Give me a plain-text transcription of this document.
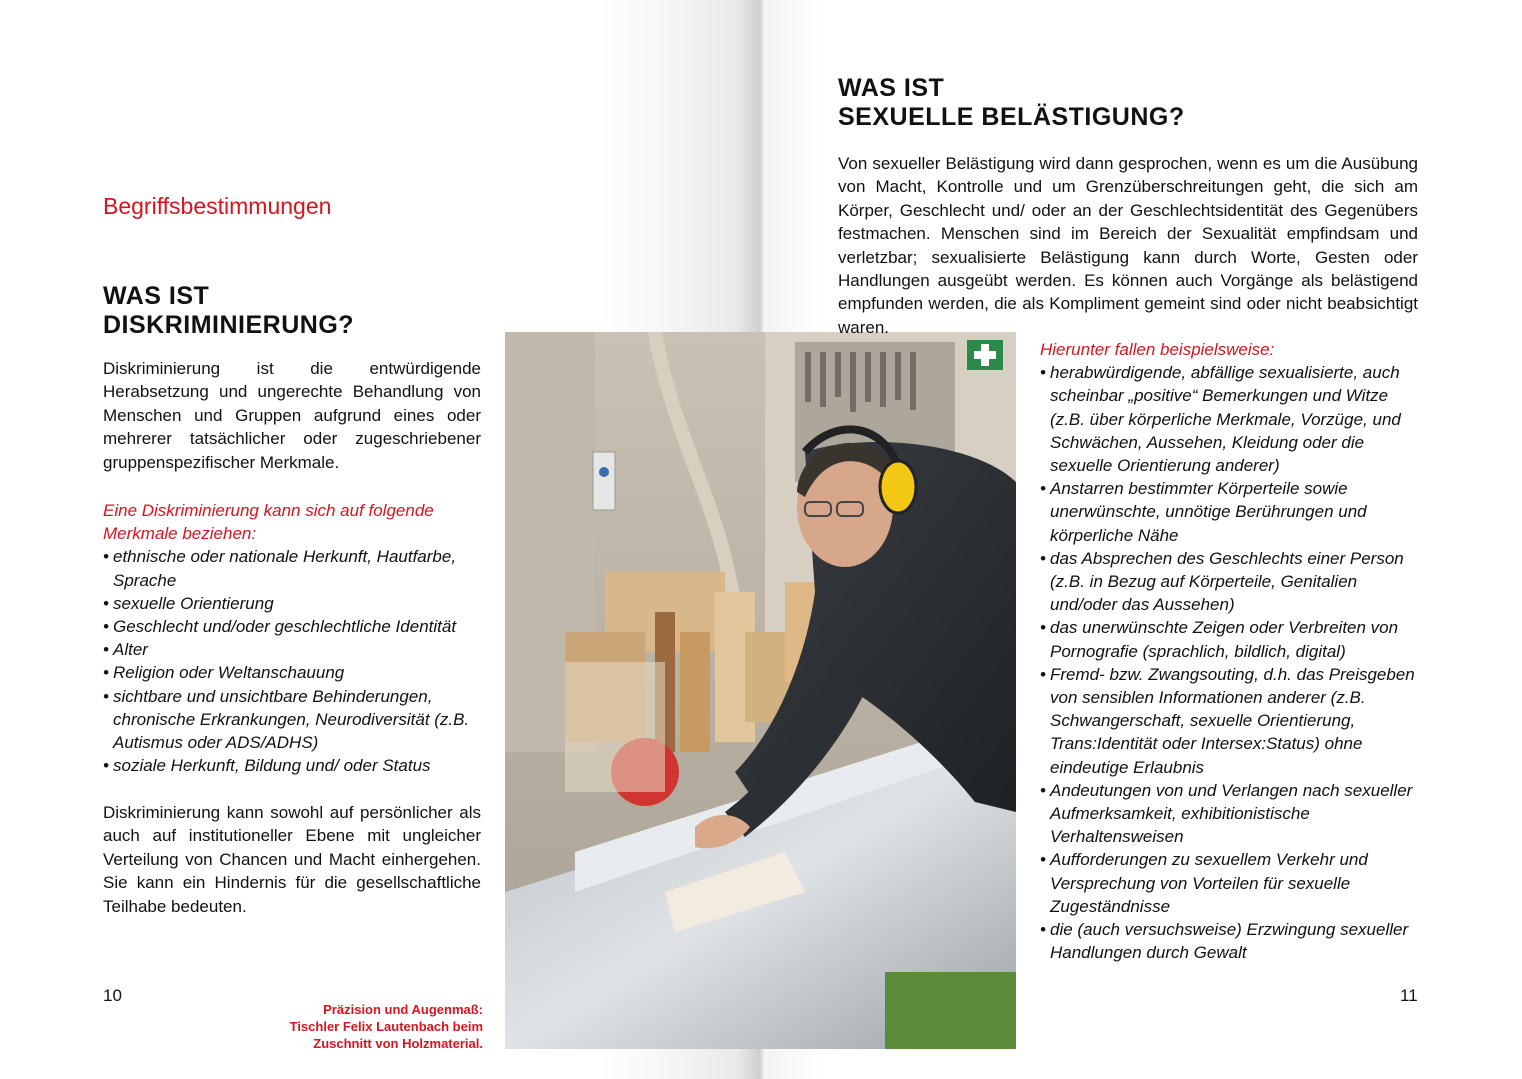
Begriffsbestimmungen
WAS IST
DISKRIMINIERUNG?

Diskriminierung ist die entwürdigende Herabsetzung und ungerechte Behandlung von Menschen und Gruppen aufgrund eines oder mehrerer tatsächlicher oder zugeschriebener gruppenspezifischer Merkmale.

Eine Diskriminierung kann sich auf folgende Merkmale beziehen:

• ethnische oder nationale Herkunft, Hautfarbe, Sprache
• sexuelle Orientierung
• Geschlecht und/oder geschlechtliche Identität
• Alter
• Religion oder Weltanschauung
• sichtbare und unsichtbare Behinderungen, chronische Erkrankungen, Neurodiversität (z.B. Autismus oder ADS/ADHS)
• soziale Herkunft, Bildung und/ oder Status

Diskriminierung kann sowohl auf persönlicher als auch auf institutioneller Ebene mit ungleicher Verteilung von Chancen und Macht einhergehen. Sie kann ein Hindernis für die gesellschaftliche Teilhabe bedeuten.

10

Präzision und Augenmaß:
Tischler Felix Lautenbach beim
Zuschnitt von Holzmaterial.

WAS IST
SEXUELLE BELÄSTIGUNG?

Von sexueller Belästigung wird dann gesprochen, wenn es um die Ausübung von Macht, Kontrolle und um Grenzüberschreitungen geht, die sich am Körper, Geschlecht und/ oder an der Geschlechtsidentität des Gegenübers festmachen. Menschen sind im Bereich der Sexualität empfindsam und verletzbar; sexualisierte Belästigung kann durch Worte, Gesten oder Handlungen ausgeübt werden. Es können auch Vorgänge als belästigend empfunden werden, die als Kompliment gemeint sind oder nicht beabsichtigt waren.

Hierunter fallen beispielsweise:

• herabwürdigende, abfällige sexualisierte, auch scheinbar „positive“ Bemerkungen und Witze (z.B. über körperliche Merkmale, Vorzüge, und Schwächen, Aussehen, Kleidung oder die sexuelle Orientierung anderer)
• Anstarren bestimmter Körperteile sowie unerwünschte, unnötige Berührungen und körperliche Nähe
• das Absprechen des Geschlechts einer Person (z.B. in Bezug auf Körperteile, Genitalien und/oder das Aussehen)
• das unerwünschte Zeigen oder Verbreiten von Pornografie (sprachlich, bildlich, digital)
• Fremd- bzw. Zwangsouting, d.h. das Preisgeben von sensiblen Informationen anderer (z.B. Schwangerschaft, sexuelle Orientierung, Trans:Identität oder Intersex:Status) ohne eindeutige Erlaubnis
• Andeutungen von und Verlangen nach sexueller Aufmerksamkeit, exhibitionistische Verhaltensweisen
• Aufforderungen zu sexuellem Verkehr und Versprechung von Vorteilen für sexuelle Zugeständnisse
• die (auch versuchsweise) Erzwingung sexueller Handlungen durch Gewalt

11
